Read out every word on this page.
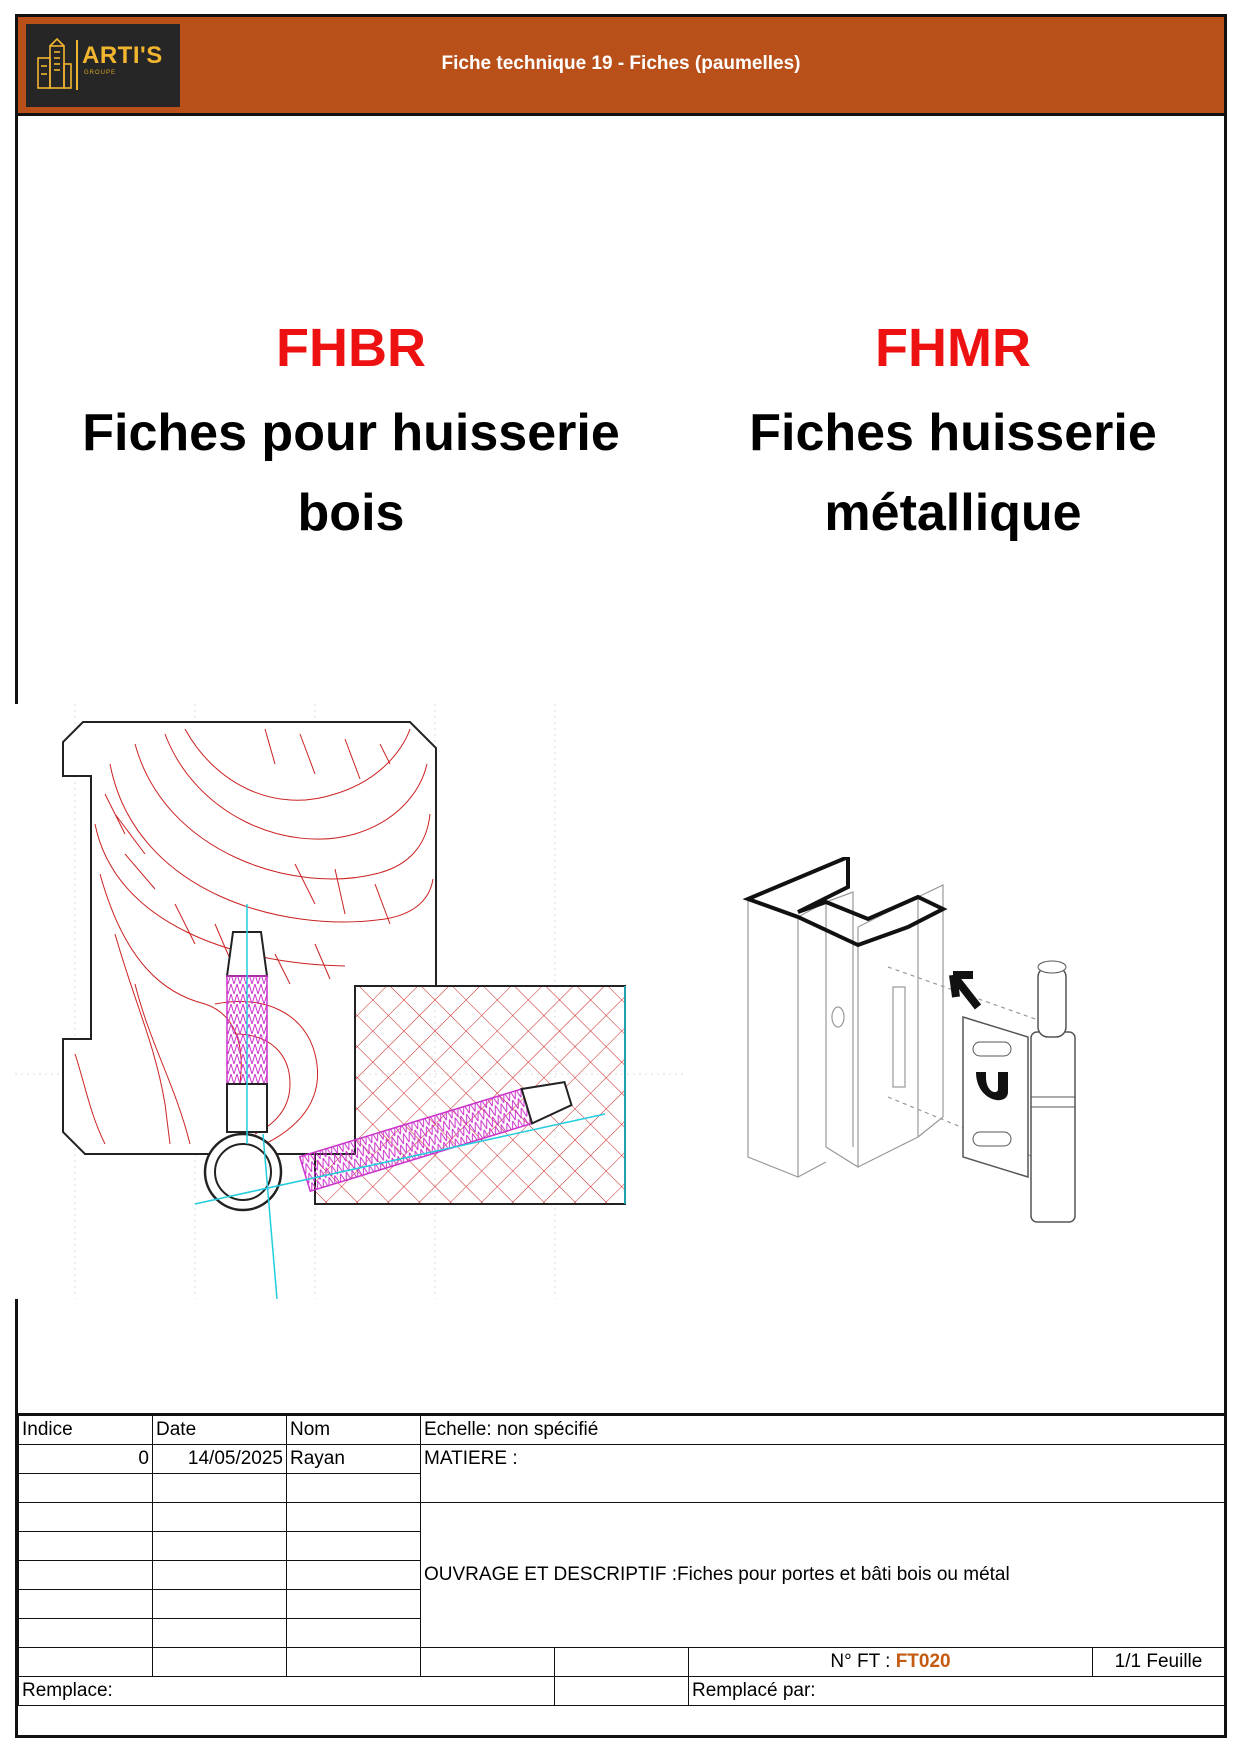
ARTI'S
GROUPE	Fiche technique 19 - Fiches (paumelles)
FHBR
Fiches pour huisserie
bois
FHMR
Fiches huisserie
métallique
Indice	Date	Nom	Echelle: non spécifié			
0	14/05/2025	Rayan	MATIERE :			

			OUVRAGE ET DESCRIPTIF :Fiches pour portes et bâti bois ou métal			

					N° FT : FT020	1/1 Feuille
Remplace:					Remplacé par:	
